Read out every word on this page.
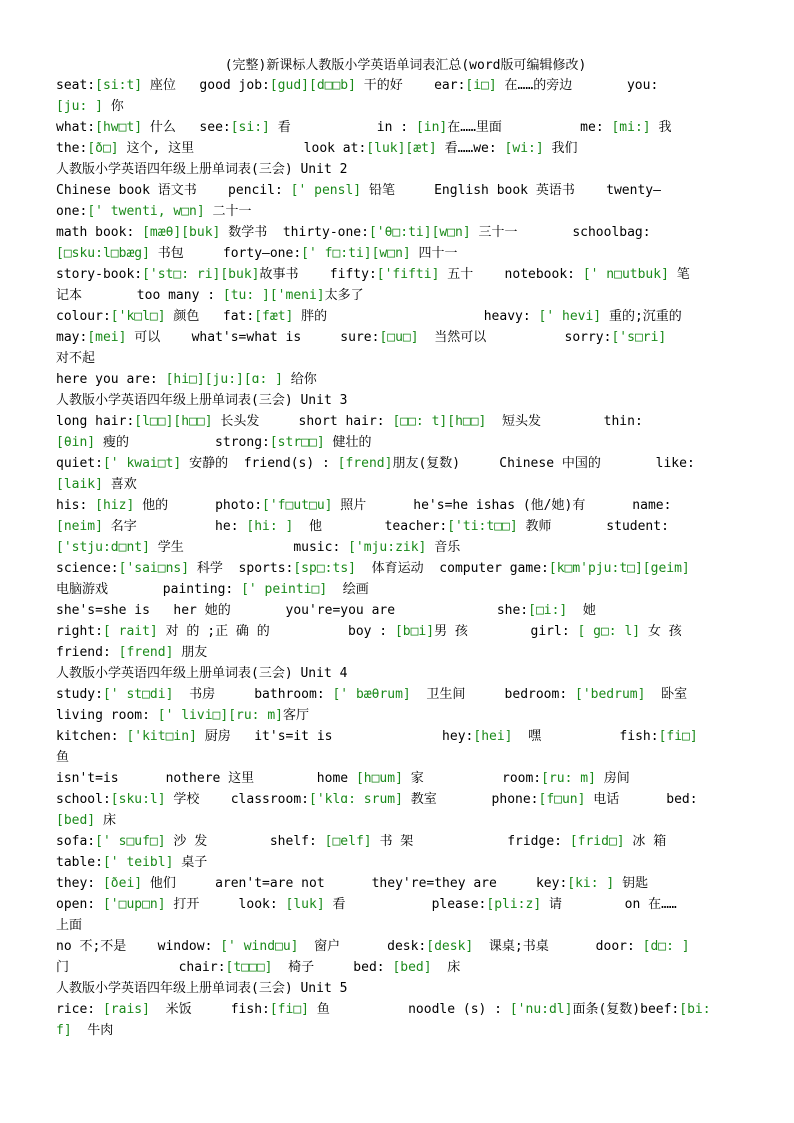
(完整)新课标人教版小学英语单词表汇总(word版可编辑修改)
seat:[si:t] 座位   good job:[gud][d□□b] 干的好    ear:[i□] 在……的旁边       you:
[ju: ] 你
what:[hw□t] 什么   see:[si:] 看           in : [in]在……里面          me: [mi:] 我
the:[ð□] 这个, 这里              look at:[luk][æt] 看……we: [wi:] 我们
人教版小学英语四年级上册单词表(三会) Unit 2
Chinese book 语文书    pencil: [' pensl] 铅笔     English book 英语书    twenty—
one:[' twenti, w□n] 二十一
math book: [mæθ][buk] 数学书  thirty-one:['θ□:ti][w□n] 三十一       schoolbag:
[□sku:l□bæg] 书包     forty—one:[' f□:ti][w□n] 四十一
story-book:['st□: ri][buk]故事书    fifty:['fifti] 五十    notebook: [' n□utbuk] 笔
记本       too many : [tu: ]['meni]太多了
colour:['k□l□] 颜色   fat:[fæt] 胖的                    heavy: [' hevi] 重的;沉重的
may:[mei] 可以    what's=what is     sure:[□u□]  当然可以          sorry:['s□ri]
对不起
here you are: [hi□][ju:][ɑ: ] 给你
人教版小学英语四年级上册单词表(三会) Unit 3
long hair:[l□□][h□□] 长头发     short hair: [□□: t][h□□]  短头发        thin:
[θin] 瘦的           strong:[str□□] 健壮的
quiet:[' kwai□t] 安静的  friend(s) : [frend]朋友(复数)     Chinese 中国的       like:
[laik] 喜欢
his: [hiz] 他的      photo:['f□ut□u] 照片      he's=he ishas (他/她)有      name:
[neim] 名字          he: [hi: ]  他        teacher:['ti:t□□] 教师       student:
['stju:d□nt] 学生              music: ['mju:zik] 音乐
science:['sai□ns] 科学  sports:[sp□:ts]  体育运动  computer game:[k□m'pju:t□][geim]
电脑游戏       painting: [' peinti□]  绘画
she's=she is   her 她的       you're=you are             she:[□i:]  她
right:[ rait] 对 的 ;正 确 的          boy : [b□i]男 孩        girl: [ g□: l] 女 孩
friend: [frend] 朋友
人教版小学英语四年级上册单词表(三会) Unit 4
study:[' st□di]  书房     bathroom: [' bæθrum]  卫生间     bedroom: ['bedrum]  卧室
living room: [' livi□][ru: m]客厅
kitchen: ['kit□in] 厨房   it's=it is              hey:[hei]  嘿          fish:[fi□]
鱼
isn't=is      nothere 这里        home [h□um] 家          room:[ru: m] 房间
school:[sku:l] 学校    classroom:['klɑ: srum] 教室       phone:[f□un] 电话      bed:
[bed] 床
sofa:[' s□uf□] 沙 发        shelf: [□elf] 书 架            fridge: [frid□] 冰 箱
table:[' teibl] 桌子
they: [ðei] 他们     aren't=are not      they're=they are     key:[ki: ] 钥匙
open: ['□up□n] 打开     look: [luk] 看           please:[pli:z] 请        on 在……
上面
no 不;不是    window: [' wind□u]  窗户      desk:[desk]  课桌;书桌      door: [d□: ]
门              chair:[t□□□]  椅子     bed: [bed]  床
人教版小学英语四年级上册单词表(三会) Unit 5
rice: [rais]  米饭     fish:[fi□] 鱼          noodle (s) : ['nu:dl]面条(复数)beef:[bi:
f]  牛肉
